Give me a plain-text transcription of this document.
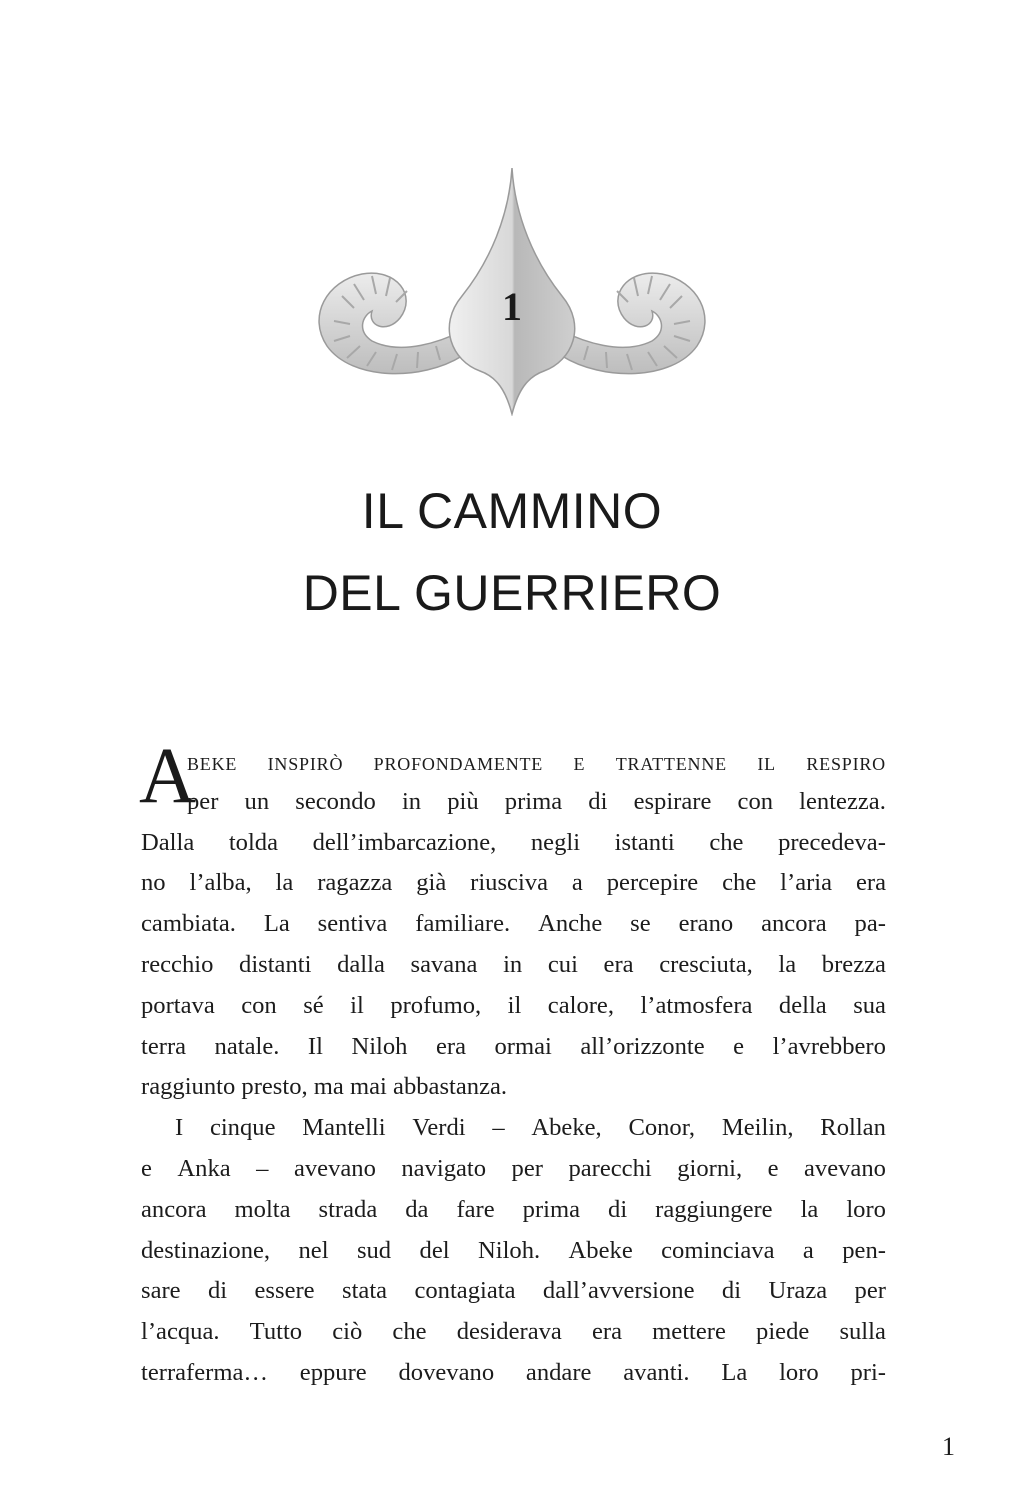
1
IL CAMMINO
DEL GUERRIERO
A
BEKE INSPIRÒ PROFONDAMENTE E TRATTENNE IL RESPIRO
per un secondo in più prima di espirare con lentezza.
Dalla tolda dell’imbarcazione, negli istanti che precedeva-
no l’alba, la ragazza già riusciva a percepire che l’aria era
cambiata. La sentiva familiare. Anche se erano ancora pa-
recchio distanti dalla savana in cui era cresciuta, la brezza
portava con sé il profumo, il calore, l’atmosfera della sua
terra natale. Il Niloh era ormai all’orizzonte e l’avrebbero
raggiunto presto, ma mai abbastanza.
I cinque Mantelli Verdi – Abeke, Conor, Meilin, Rollan
e Anka – avevano navigato per parecchi giorni, e avevano
ancora molta strada da fare prima di raggiungere la loro
destinazione, nel sud del Niloh. Abeke cominciava a pen-
sare di essere stata contagiata dall’avversione di Uraza per
l’acqua. Tutto ciò che desiderava era mettere piede sulla
terraferma… eppure dovevano andare avanti. La loro pri-
1
